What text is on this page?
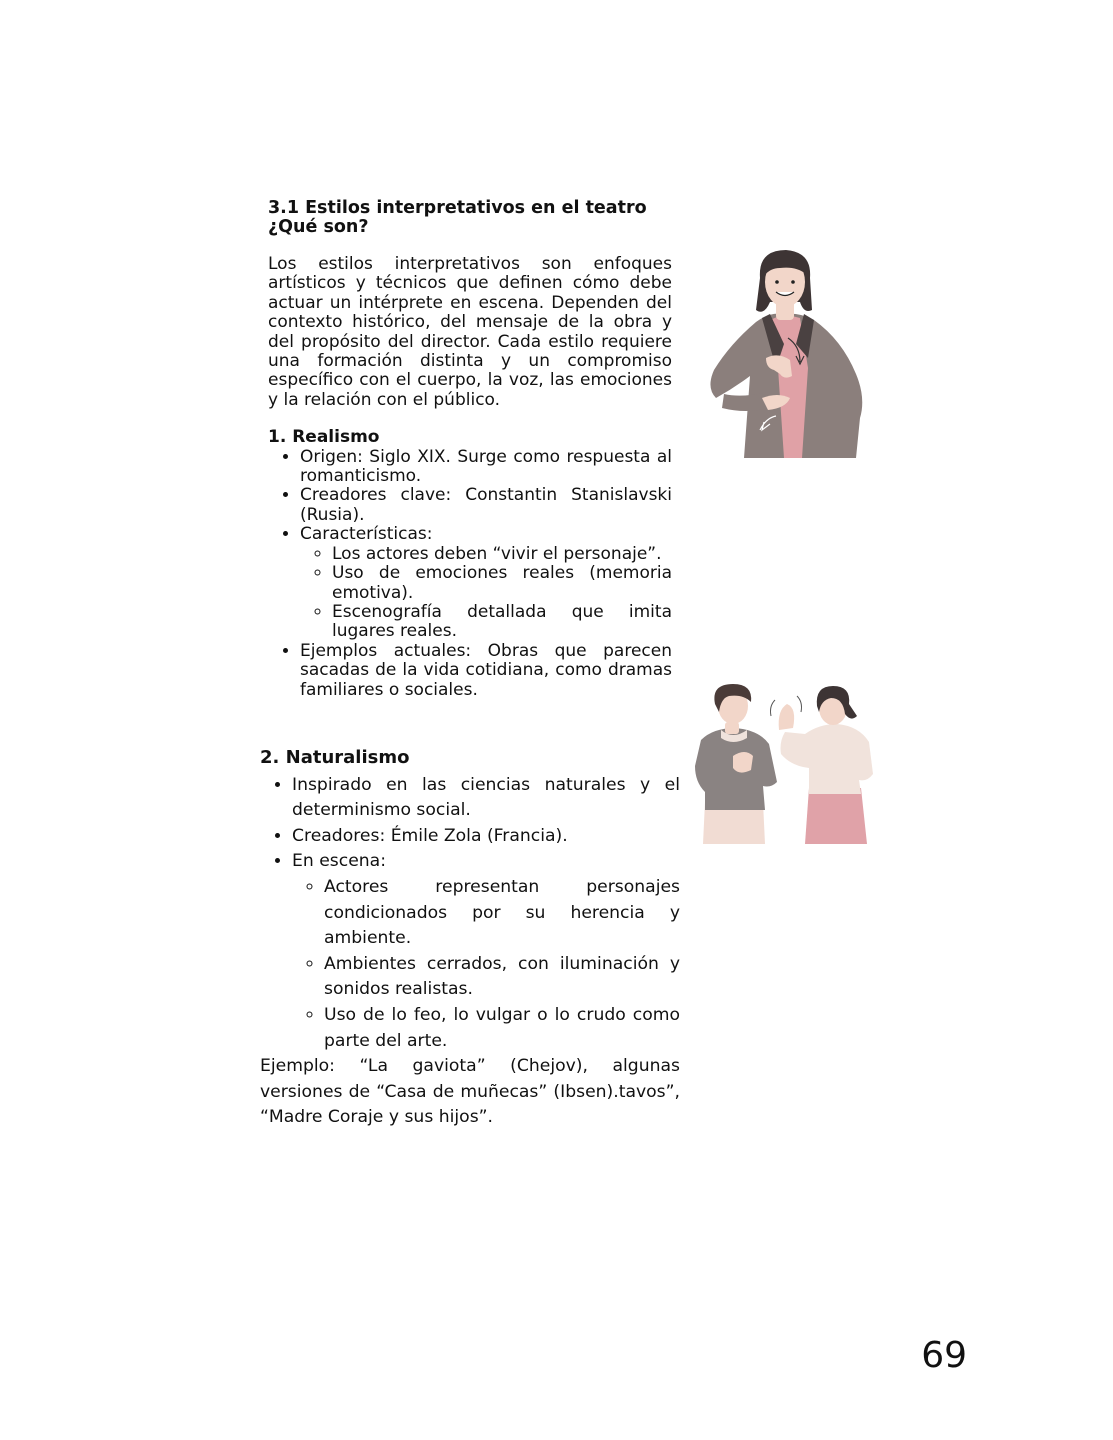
3.1 Estilos interpretativos en el teatro
¿Qué son?

Los estilos interpretativos son enfoques artísticos y técnicos que definen cómo debe actuar un intérprete en escena. Dependen del contexto histórico, del mensaje de la obra y del propósito del director. Cada estilo requiere una formación distinta y un compromiso específico con el cuerpo, la voz, las emociones y la relación con el público.

1. Realismo

• Origen: Siglo XIX. Surge como respuesta al romanticismo.
• Creadores clave: Constantin Stanislavski (Rusia).
• Características:
◦ Los actores deben “vivir el personaje”.
◦ Uso de emociones reales (memoria emotiva).
◦ Escenografía detallada que imita lugares reales.
• Ejemplos actuales: Obras que parecen sacadas de la vida cotidiana, como dramas familiares o sociales.

2. Naturalismo

• Inspirado en las ciencias naturales y el determinismo social.
• Creadores: Émile Zola (Francia).
• En escena:
◦ Actores representan personajes condicionados por su herencia y ambiente.
◦ Ambientes cerrados, con iluminación y sonidos realistas.
◦ Uso de lo feo, lo vulgar o lo crudo como parte del arte.

Ejemplo: “La gaviota” (Chejov), algunas versiones de “Casa de muñecas” (Ibsen).tavos”, “Madre Coraje y sus hijos”.

69
